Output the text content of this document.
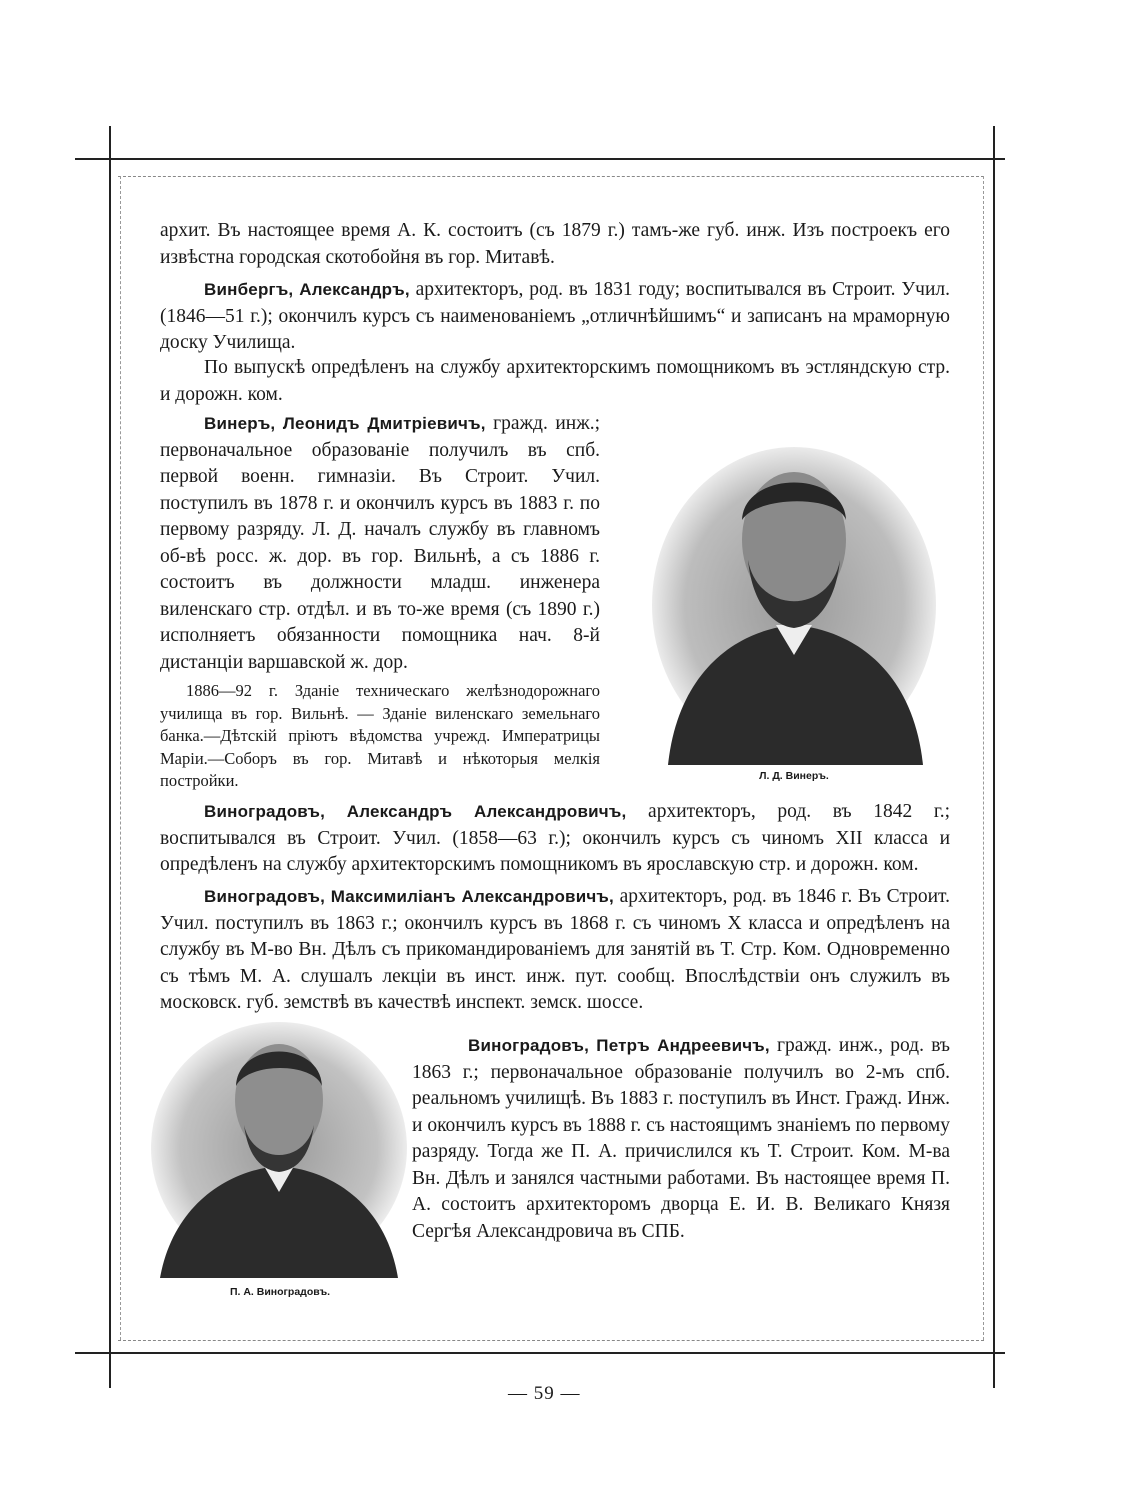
архит. Въ настоящее время А. К. состоитъ (съ 1879 г.) тамъ-же губ. инж. Изъ построекъ его извѣстна городская скотобойня въ гор. Митавѣ.

Винбергъ, Александръ, архитекторъ, род. въ 1831 году; воспитывался въ Строит. Учил. (1846—51 г.); окончилъ курсъ съ наименованіемъ „отличнѣйшимъ“ и записанъ на мраморную доску Училища.

По выпускѣ опредѣленъ на службу архитекторскимъ помощникомъ въ эстляндскую стр. и дорожн. ком.

Винеръ, Леонидъ Дмитріевичъ, гражд. инж.; первоначальное образованіе получилъ въ спб. первой военн. гимназіи. Въ Строит. Учил. поступилъ въ 1878 г. и окончилъ курсъ въ 1883 г. по первому разряду. Л. Д. началъ службу въ главномъ об-вѣ росс. ж. дор. въ гор. Вильнѣ, а съ 1886 г. состоитъ въ должности младш. инженера виленскаго стр. отдѣл. и въ то-же время (съ 1890 г.) исполняетъ обязанности помощника нач. 8-й дистанціи варшавской ж. дор.

1886—92 г. Зданіе техническаго желѣзнодорожнаго училища въ гор. Вильнѣ. — Зданіе виленскаго земельнаго банка.—Дѣтскій пріютъ вѣдомства учрежд. Императрицы Маріи.—Соборъ въ гор. Митавѣ и нѣкоторыя мелкія постройки.	Л. Д. Винеръ.

Виноградовъ, Александръ Александровичъ, архитекторъ, род. въ 1842 г.; воспитывался въ Строит. Учил. (1858—63 г.); окончилъ курсъ съ чиномъ XII класса и опредѣленъ на службу архитекторскимъ помощникомъ въ ярославскую стр. и дорожн. ком.

Виноградовъ, Максимиліанъ Александровичъ, архитекторъ, род. въ 1846 г. Въ Строит. Учил. поступилъ въ 1863 г.; окончилъ курсъ въ 1868 г. съ чиномъ X класса и опредѣленъ на службу въ М-во Вн. Дѣлъ съ прикомандированіемъ для занятій въ Т. Стр. Ком. Одновременно съ тѣмъ М. А. слушалъ лекціи въ инст. инж. пут. сообщ. Впослѣдствіи онъ служилъ въ московск. губ. земствѣ въ качествѣ инспект. земск. шоссе.

П. А. Виноградовъ.

Виноградовъ, Петръ Андреевичъ, гражд. инж., род. въ 1863 г.; первоначальное образованіе получилъ во 2-мъ спб. реальномъ училищѣ. Въ 1883 г. поступилъ въ Инст. Гражд. Инж. и окончилъ курсъ въ 1888 г. съ настоящимъ знаніемъ по первому разряду. Тогда же П. А. причислился къ Т. Строит. Ком. М-ва Вн. Дѣлъ и занялся частными работами. Въ настоящее время П. А. состоитъ архитекторомъ дворца Е. И. В. Великаго Князя Сергѣя Александровича въ СПБ.

— 59 —
